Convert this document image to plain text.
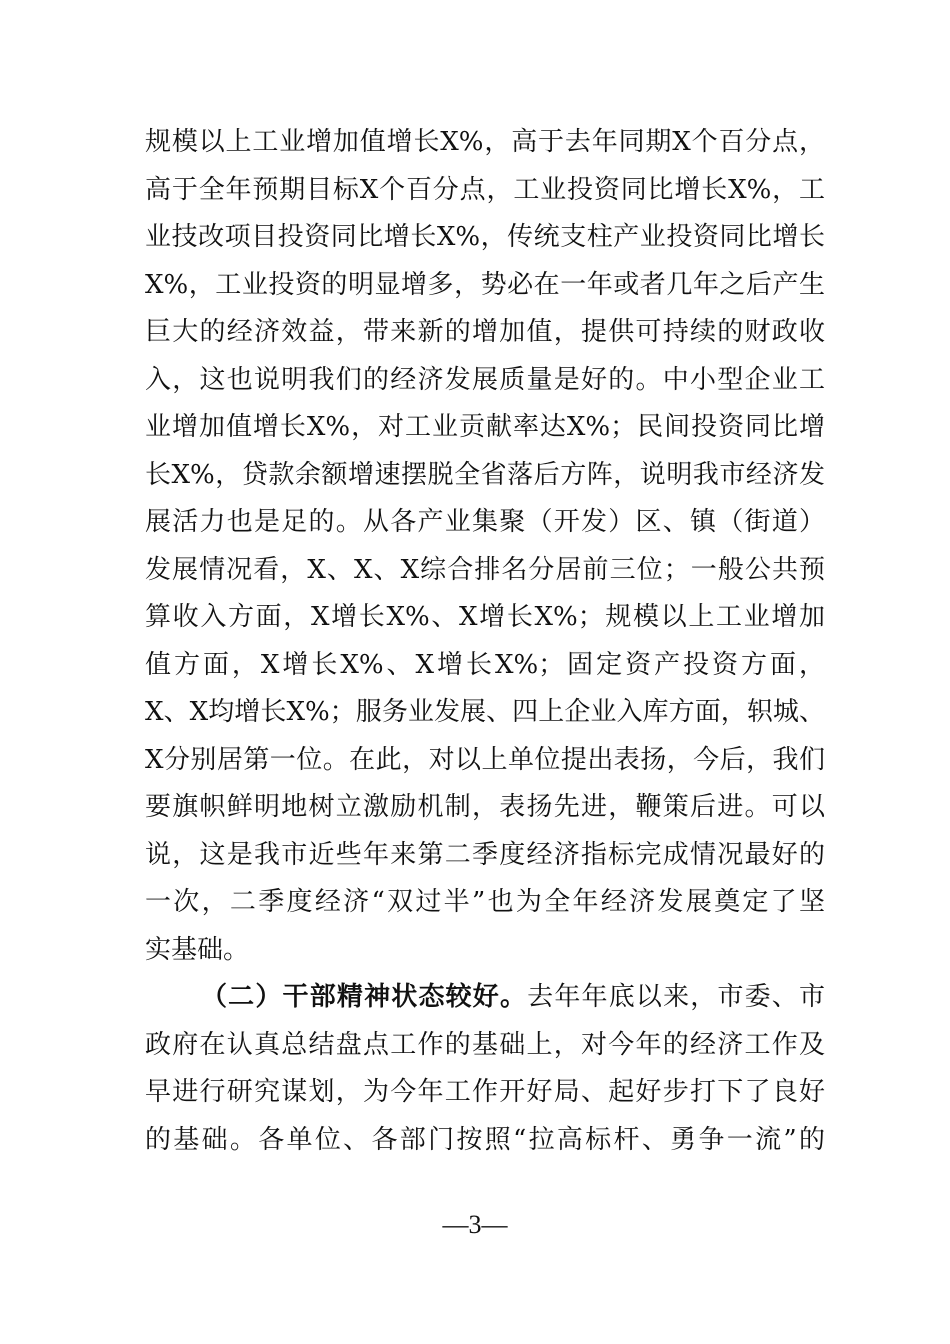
规模以上工业增加值增长X%，高于去年同期X个百分点，
高于全年预期目标X个百分点，工业投资同比增长X%，工
业技改项目投资同比增长X%，传统支柱产业投资同比增长
X%，工业投资的明显增多，势必在一年或者几年之后产生
巨大的经济效益，带来新的增加值，提供可持续的财政收
入，这也说明我们的经济发展质量是好的。中小型企业工
业增加值增长X%，对工业贡献率达X%；民间投资同比增
长X%，贷款余额增速摆脱全省落后方阵，说明我市经济发
展活力也是足的。从各产业集聚（开发）区、镇（街道）
发展情况看，X、X、X综合排名分居前三位；一般公共预
算收入方面，X增长X%、X增长X%；规模以上工业增加
值方面，X增长X%、X增长X%；固定资产投资方面，
X、X均增长X%；服务业发展、四上企业入库方面，轵城、
X分别居第一位。在此，对以上单位提出表扬，今后，我们
要旗帜鲜明地树立激励机制，表扬先进，鞭策后进。可以
说，这是我市近些年来第二季度经济指标完成情况最好的
一次，二季度经济“双过半”也为全年经济发展奠定了坚
实基础。
（二）干部精神状态较好。去年年底以来，市委、市
政府在认真总结盘点工作的基础上，对今年的经济工作及
早进行研究谋划，为今年工作开好局、起好步打下了良好
的基础。各单位、各部门按照“拉高标杆、勇争一流”的
—3—
